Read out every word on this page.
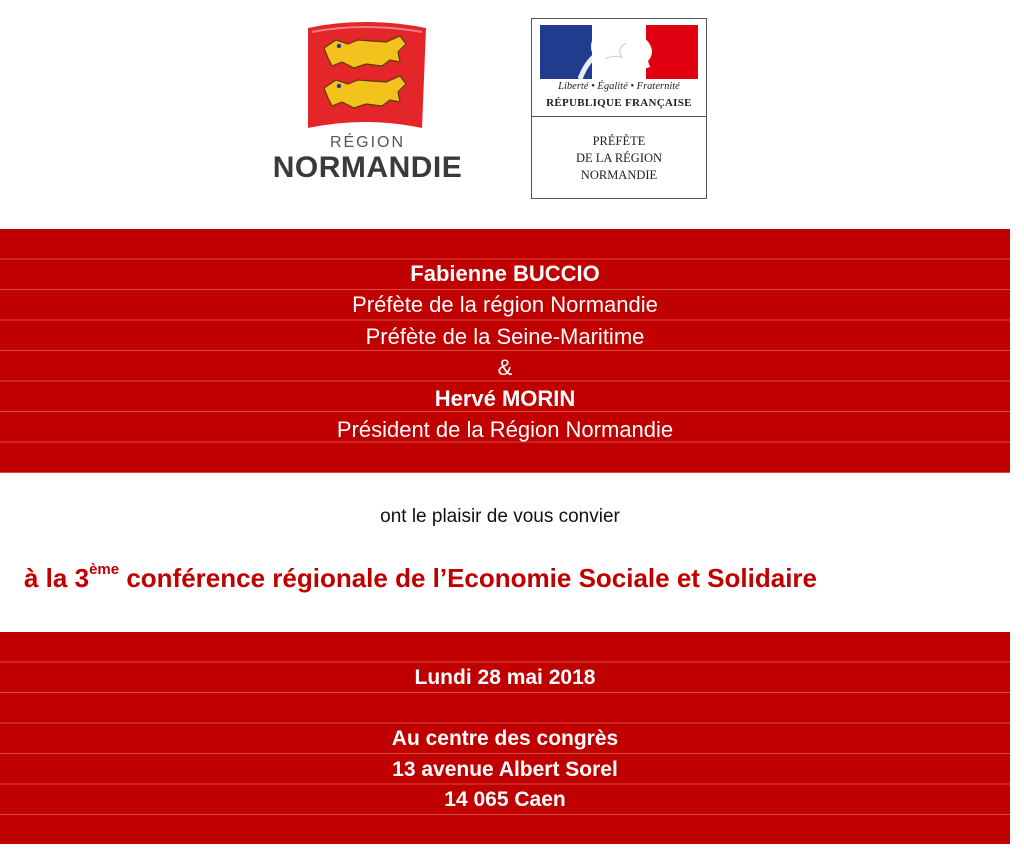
RÉGION
NORMANDIE
Liberté • Égalité • Fraternité
RÉPUBLIQUE FRANÇAISE
PRÉFÈTE
DE LA RÉGION
NORMANDIE
Fabienne BUCCIO
Préfète de la région Normandie
Préfète de la Seine-Maritime
&
Hervé MORIN
Président de la Région Normandie
ont le plaisir de vous convier
à la 3ème conférence régionale de l’Economie Sociale et Solidaire
Lundi 28 mai 2018

Au centre des congrès
13 avenue Albert Sorel
14 065 Caen
